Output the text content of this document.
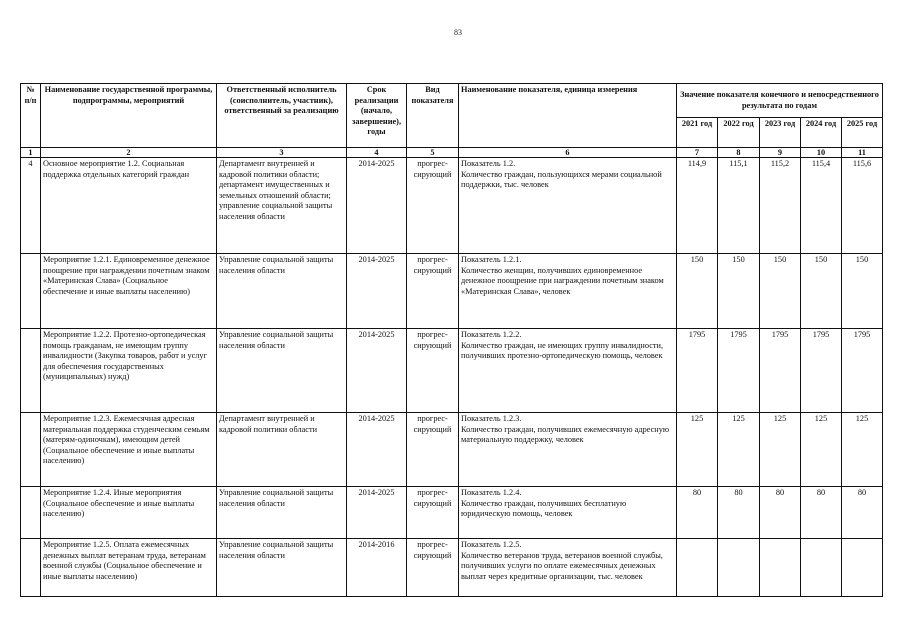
83
№ п/п	Наименование государственной программы, подпрограммы, мероприятий	Ответственный исполнитель (соисполнитель, участник), ответственный за реализацию	Срок реализации (начало, завершение), годы	Вид показателя	Наименование показателя, единица измерения	Значение показателя конечного и непосредственного результата по годам				
						2021 год	2022 год	2023 год	2024 год	2025 год
1	2	3	4	5	6	7	8	9	10	11
4	Основное мероприятие 1.2. Социальная поддержка отдельных категорий граждан	Департамент внутренней и кадровой политики области; департамент имущественных и земельных отношений области; управление социальной защиты населения области	2014-2025	прогрес-сирующий	Показатель 1.2.
Количество граждан, пользующихся мерами социальной поддержки, тыс. человек	114,9	115,1	115,2	115,4	115,6
	Мероприятие 1.2.1. Единовременное денежное поощрение при награждении почетным знаком «Материнская Слава» (Социальное обеспечение и иные выплаты населению)	Управление социальной защиты населения области	2014-2025	прогрес-сирующий	Показатель 1.2.1.
Количество женщин, получивших единовременное денежное поощрение при награждении почетным знаком «Материнская Слава», человек	150	150	150	150	150
	Мероприятие 1.2.2. Протезно-ортопедическая помощь гражданам, не имеющим группу инвалидности (Закупка товаров, работ и услуг для обеспечения государственных (муниципальных) нужд)	Управление социальной защиты населения области	2014-2025	прогрес-сирующий	Показатель 1.2.2.
Количество граждан, не имеющих группу инвалидности, получивших протезно-ортопедическую помощь, человек	1795	1795	1795	1795	1795
	Мероприятие 1.2.3. Ежемесячная адресная материальная поддержка студенческим семьям (матерям-одиночкам), имеющим детей (Социальное обеспечение и иные выплаты населению)	Департамент внутренней и кадровой политики области	2014-2025	прогрес-сирующий	Показатель 1.2.3.
Количество граждан, получивших ежемесячную адресную материальную поддержку, человек	125	125	125	125	125
	Мероприятие 1.2.4. Иные мероприятия (Социальное обеспечение и иные выплаты населению)	Управление социальной защиты населения области	2014-2025	прогрес-сирующий	Показатель 1.2.4.
Количество граждан, получивших бесплатную юридическую помощь, человек	80	80	80	80	80
	Мероприятие 1.2.5. Оплата ежемесячных денежных выплат ветеранам труда, ветеранам военной службы (Социальное обеспечение и иные выплаты населению)	Управление социальной защиты населения области	2014-2016	прогрес-сирующий	Показатель 1.2.5.
Количество ветеранов труда, ветеранов военной службы, получивших услуги по оплате ежемесячных денежных выплат через кредитные организации, тыс. человек					
